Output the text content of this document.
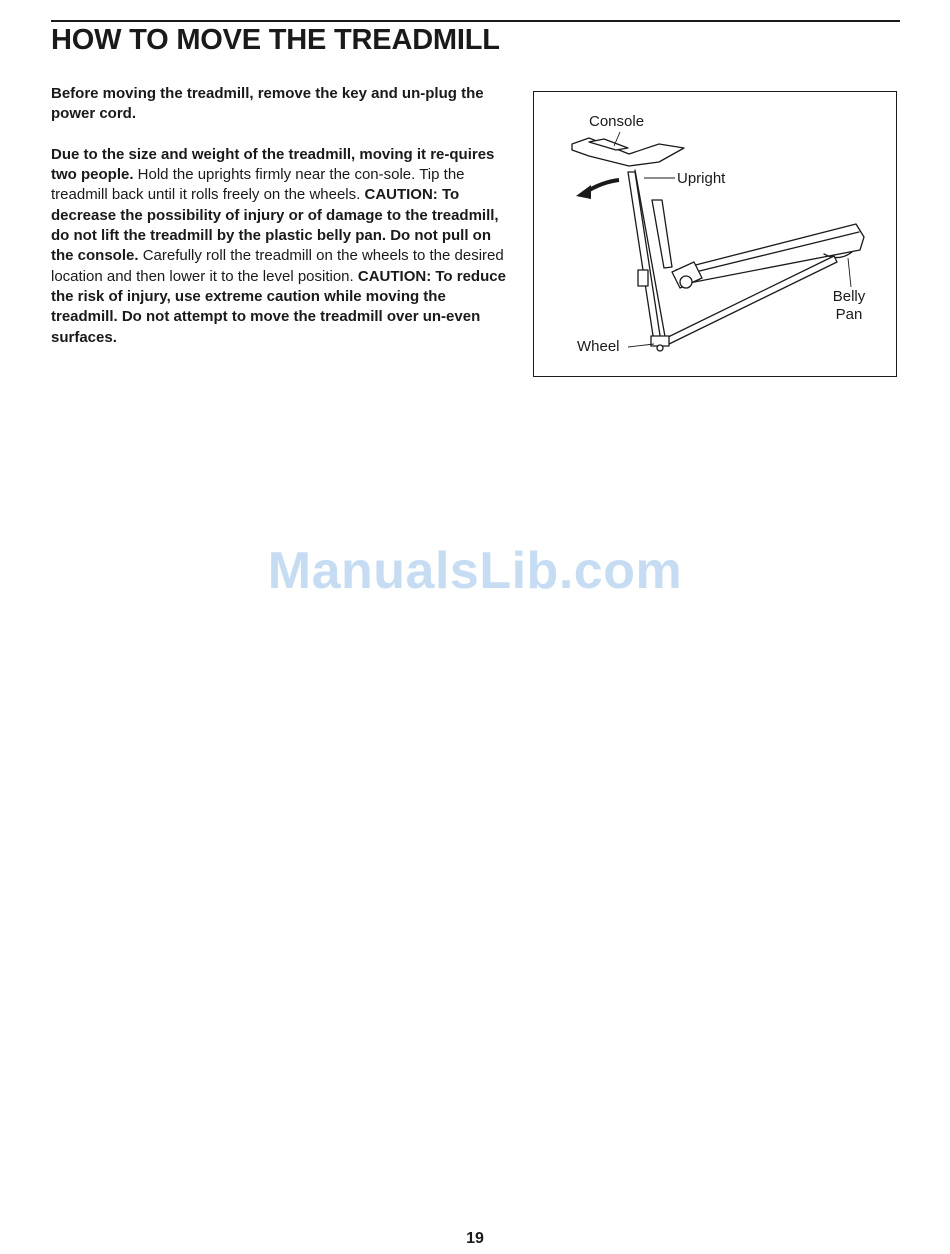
HOW TO MOVE THE TREADMILL

Before moving the treadmill, remove the key and un-plug the power cord.

Due to the size and weight of the treadmill, moving it re-quires two people. Hold the uprights firmly near the con-sole. Tip the treadmill back until it rolls freely on the wheels. CAUTION: To decrease the possibility of injury or of damage to the treadmill, do not lift the treadmill by the plastic belly pan. Do not pull on the console. Carefully roll the treadmill on the wheels to the desired location and then lower it to the level position. CAUTION: To reduce the risk of injury, use extreme caution while moving the treadmill. Do not attempt to move the treadmill over un-even surfaces.

Console
Upright
Belly
Pan
Wheel
ManualsLib.com
19
